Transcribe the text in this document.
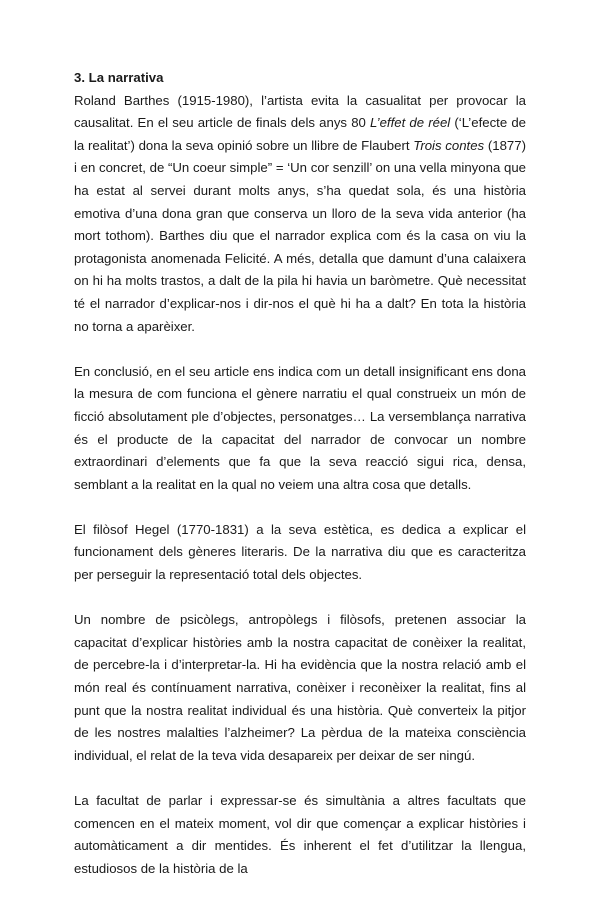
3. La narrativa

Roland Barthes (1915-1980), l’artista evita la casualitat per provocar la causalitat. En el seu article de finals dels anys 80 L’effet de réel (‘L’efecte de la realitat’) dona la seva opinió sobre un llibre de Flaubert Trois contes (1877) i en concret, de “Un coeur simple” = ‘Un cor senzill’ on una vella minyona que ha estat al servei durant molts anys, s’ha quedat sola, és una història emotiva d’una dona gran que conserva un lloro de la seva vida anterior (ha mort tothom). Barthes diu que el narrador explica com és la casa on viu la protagonista anomenada Felicité. A més, detalla que damunt d’una calaixera on hi ha molts trastos, a dalt de la pila hi havia un baròmetre. Què necessitat té el narrador d’explicar-nos i dir-nos el què hi ha a dalt? En tota la història no torna a aparèixer.

En conclusió, en el seu article ens indica com un detall insignificant ens dona la mesura de com funciona el gènere narratiu el qual construeix un món de ficció absolutament ple d’objectes, personatges… La versemblança narrativa és el producte de la capacitat del narrador de convocar un nombre extraordinari d’elements que fa que la seva reacció sigui rica, densa, semblant a la realitat en la qual no veiem una altra cosa que detalls.

El filòsof Hegel (1770-1831) a la seva estètica, es dedica a explicar el funcionament dels gèneres literaris. De la narrativa diu que es caracteritza per perseguir la representació total dels objectes.

Un nombre de psicòlegs, antropòlegs i filòsofs, pretenen associar la capacitat d’explicar històries amb la nostra capacitat de conèixer la realitat, de percebre-la i d’interpretar-la. Hi ha evidència que la nostra relació amb el món real és contínuament narrativa, conèixer i reconèixer la realitat, fins al punt que la nostra realitat individual és una història. Què converteix la pitjor de les nostres malalties l’alzheimer? La pèrdua de la mateixa consciència individual, el relat de la teva vida desapareix per deixar de ser ningú.

La facultat de parlar i expressar-se és simultània a altres facultats que comencen en el mateix moment, vol dir que començar a explicar històries i automàticament a dir mentides. És inherent el fet d’utilitzar la llengua, estudiosos de la història de la
